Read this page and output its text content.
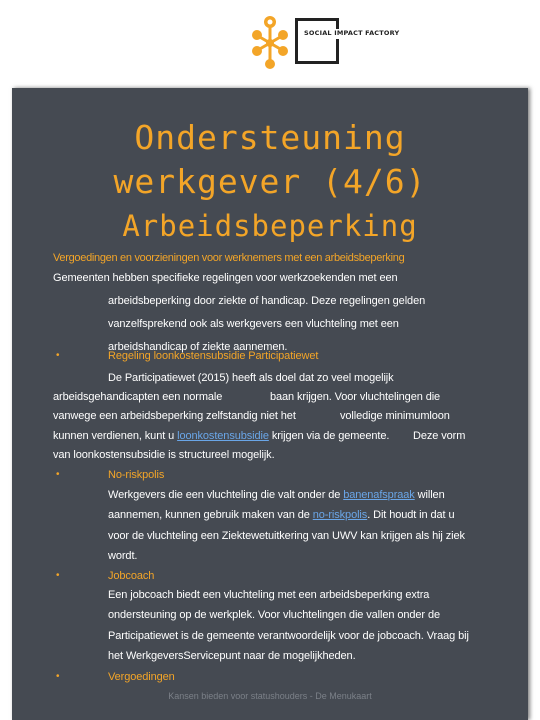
SOCIAL IMPACT FACTORY
Ondersteuning
werkgever (4/6)
Arbeidsbeperking
Vergoedingen en voorzieningen voor werknemers met een arbeidsbeperking
Gemeenten hebben specifieke regelingen voor werkzoekenden met een
arbeidsbeperking door ziekte of handicap. Deze regelingen gelden
vanzelfsprekend ook als werkgevers een vluchteling met een
arbeidshandicap of ziekte aannemen.
•	Regeling loonkostensubsidie Participatiewet
De Participatiewet (2015) heeft als doel dat zo veel mogelijk
arbeidsgehandicapten een normale	baan krijgen. Voor vluchtelingen die
vanwege een arbeidsbeperking zelfstandig niet het	volledige minimumloon
kunnen verdienen, kunt u loonkostensubsidie krijgen via de gemeente. Deze vorm
van loonkostensubsidie is structureel mogelijk.
•	No-riskpolis
Werkgevers die een vluchteling die valt onder de banenafspraak willen
aannemen, kunnen gebruik maken van de no-riskpolis. Dit houdt in dat u
voor de vluchteling een Ziektewetuitkering van UWV kan krijgen als hij ziek
wordt.
•	Jobcoach
Een jobcoach biedt een vluchteling met een arbeidsbeperking extra
ondersteuning op de werkplek. Voor vluchtelingen die vallen onder de
Participatiewet is de gemeente verantwoordelijk voor de jobcoach. Vraag bij
het WerkgeversServicepunt naar de mogelijkheden.
•	Vergoedingen
Kansen bieden voor statushouders - De Menukaart
